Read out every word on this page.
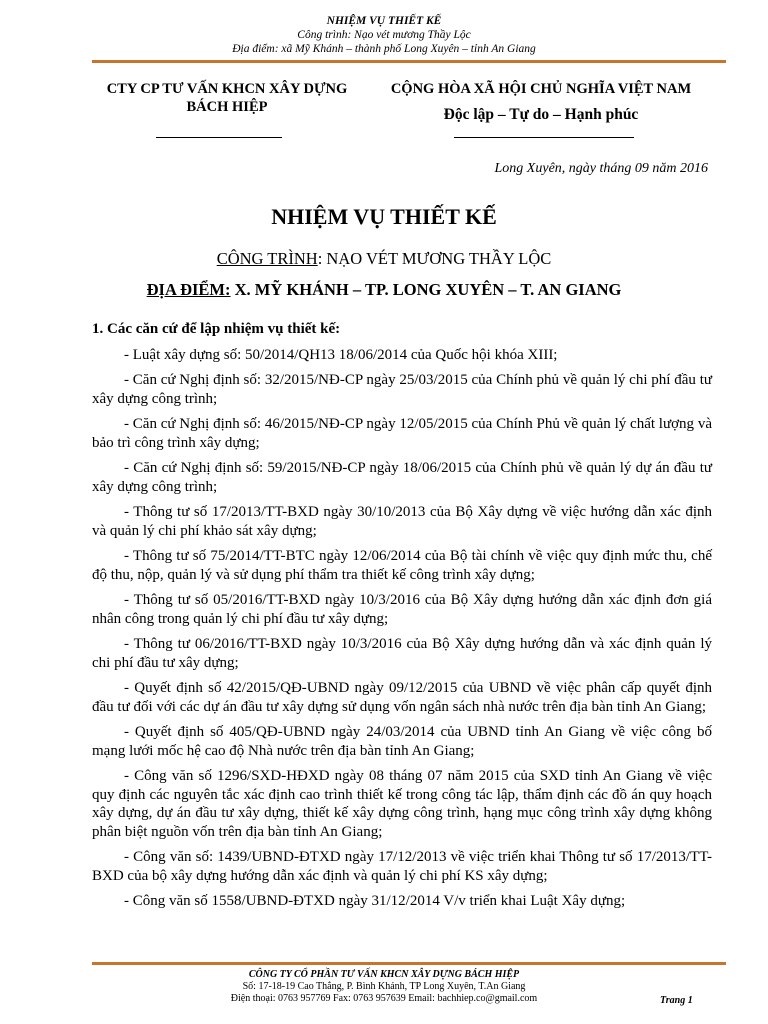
NHIỆM VỤ THIẾT KẾ
Công trình: Nạo vét mương Thầy Lộc
Địa điểm: xã Mỹ Khánh – thành phố Long Xuyên – tỉnh An Giang
CTY CP TƯ VẤN KHCN XÂY DỰNG
BÁCH HIỆP
CỘNG HÒA XÃ HỘI CHỦ NGHĨA VIỆT NAM
Độc lập – Tự do – Hạnh phúc
Long Xuyên, ngày tháng 09 năm 2016
NHIỆM VỤ THIẾT KẾ
CÔNG TRÌNH: NẠO VÉT MƯƠNG THẦY LỘC
ĐỊA ĐIỂM: X. MỸ KHÁNH – TP. LONG XUYÊN – T. AN GIANG
1. Các căn cứ để lập nhiệm vụ thiết kế:
- Luật xây dựng số: 50/2014/QH13 18/06/2014 của Quốc hội khóa XIII;
- Căn cứ Nghị định số: 32/2015/NĐ-CP ngày 25/03/2015 của Chính phủ về quản lý chi phí đầu tư xây dựng công trình;
- Căn cứ Nghị định số: 46/2015/NĐ-CP ngày 12/05/2015 của Chính Phủ về quản lý chất lượng và bảo trì công trình xây dựng;
- Căn cứ Nghị định số: 59/2015/NĐ-CP ngày 18/06/2015 của Chính phủ về quản lý dự án đầu tư xây dựng công trình;
- Thông tư số 17/2013/TT-BXD ngày 30/10/2013 của Bộ Xây dựng về việc hướng dẫn xác định và quản lý chi phí khảo sát xây dựng;
- Thông tư số 75/2014/TT-BTC ngày 12/06/2014 của Bộ tài chính về việc quy định mức thu, chế độ thu, nộp, quản lý và sử dụng phí thẩm tra thiết kế công trình xây dựng;
- Thông tư số 05/2016/TT-BXD ngày 10/3/2016 của Bộ Xây dựng hướng dẫn xác định đơn giá nhân công trong quản lý chi phí đầu tư xây dựng;
- Thông tư 06/2016/TT-BXD ngày 10/3/2016 của Bộ Xây dựng hướng dẫn và xác định quản lý chi phí đầu tư xây dựng;
- Quyết định số 42/2015/QĐ-UBND ngày 09/12/2015 của UBND về việc phân cấp quyết định đầu tư đối với các dự án đầu tư xây dựng sử dụng vốn ngân sách nhà nước trên địa bàn tỉnh An Giang;
- Quyết định số 405/QĐ-UBND ngày 24/03/2014 của UBND tỉnh An Giang về việc công bố mạng lưới mốc hệ cao độ Nhà nước trên địa bàn tỉnh An Giang;
- Công văn số 1296/SXD-HĐXD ngày 08 tháng 07 năm 2015 của SXD tỉnh An Giang về việc quy định các nguyên tắc xác định cao trình thiết kế trong công tác lập, thẩm định các đồ án quy hoạch xây dựng, dự án đầu tư xây dựng, thiết kế xây dựng công trình, hạng mục công trình xây dựng không phân biệt nguồn vốn trên địa bàn tỉnh An Giang;
- Công văn số: 1439/UBND-ĐTXD ngày 17/12/2013 về việc triển khai Thông tư số 17/2013/TT-BXD của bộ xây dựng hướng dẫn xác định và quản lý chi phí KS xây dựng;
- Công văn số 1558/UBND-ĐTXD ngày 31/12/2014 V/v triển khai Luật Xây dựng;
CÔNG TY CỔ PHẦN TƯ VẤN KHCN XÂY DỰNG BÁCH HIỆP
Số: 17-18-19 Cao Thắng, P. Bình Khánh, TP Long Xuyên, T.An Giang
Điện thoại: 0763 957769 Fax: 0763 957639 Email: bachhiep.co@gmail.com	Trang 1
